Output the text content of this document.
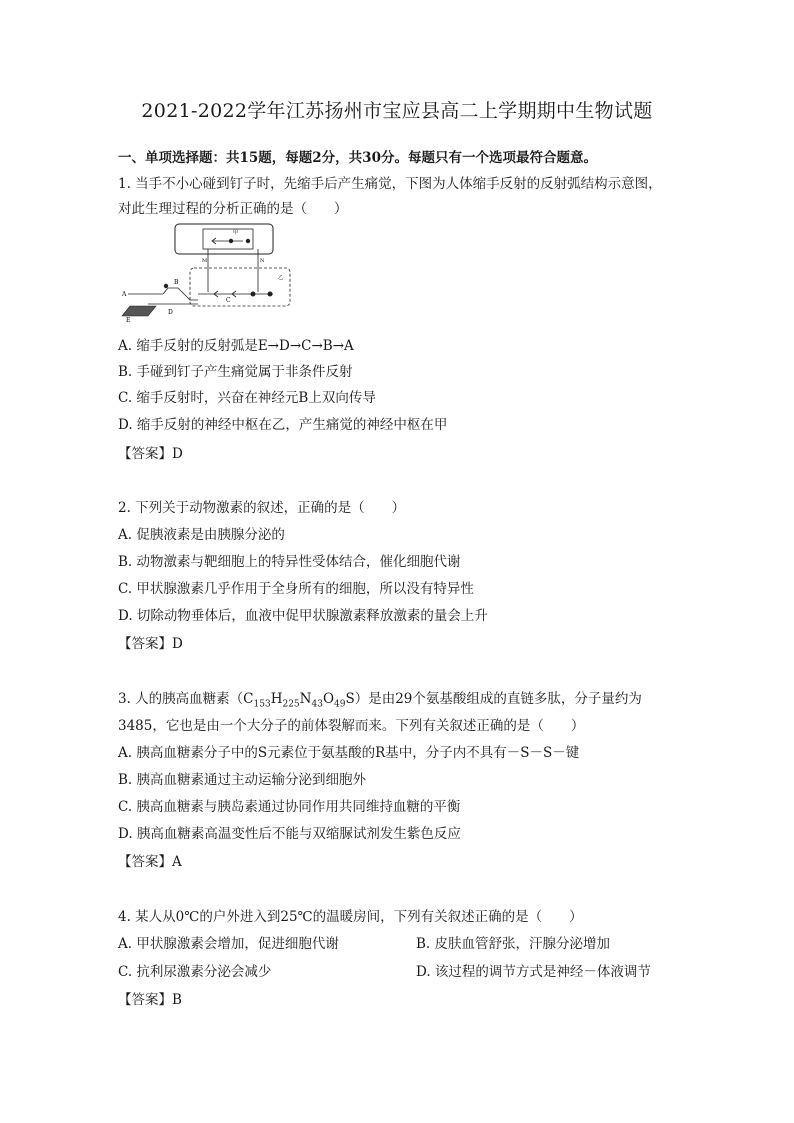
2021-2022学年江苏扬州市宝应县高二上学期期中生物试题
一、单项选择题：共15题，每题2分，共30分。每题只有一个选项最符合题意。
1. 当手不小心碰到钉子时，先缩手后产生痛觉，下图为人体缩手反射的反射弧结构示意图，
对此生理过程的分析正确的是（　　）
甲
M	N
乙
C
A
B
D
E
A. 缩手反射的反射弧是E→D→C→B→A
B. 手碰到钉子产生痛觉属于非条件反射
C. 缩手反射时，兴奋在神经元B上双向传导
D. 缩手反射的神经中枢在乙，产生痛觉的神经中枢在甲
【答案】D
2. 下列关于动物激素的叙述，正确的是（　　）
A. 促胰液素是由胰腺分泌的
B. 动物激素与靶细胞上的特异性受体结合，催化细胞代谢
C. 甲状腺激素几乎作用于全身所有的细胞，所以没有特异性
D. 切除动物垂体后，血液中促甲状腺激素释放激素的量会上升
【答案】D
3. 人的胰高血糖素$(C_{153}H_{225}N_{43}O_{49}S)$是由29个氨基酸组成的直链多肽，分子量约为
3485，它也是由一个大分子的前体裂解而来。下列有关叙述正确的是（　　）
A. 胰高血糖素分子中的S元素位于氨基酸的R基中，分子内不具有－S－S－键
B. 胰高血糖素通过主动运输分泌到细胞外
C. 胰高血糖素与胰岛素通过协同作用共同维持血糖的平衡
D. 胰高血糖素高温变性后不能与双缩脲试剂发生紫色反应
【答案】A
4. 某人从0℃的户外进入到25℃的温暖房间，下列有关叙述正确的是（　　）
A. 甲状腺激素会增加，促进细胞代谢	B. 皮肤血管舒张，汗腺分泌增加
C. 抗利尿激素分泌会减少	D. 该过程的调节方式是神经－体液调节
【答案】B
